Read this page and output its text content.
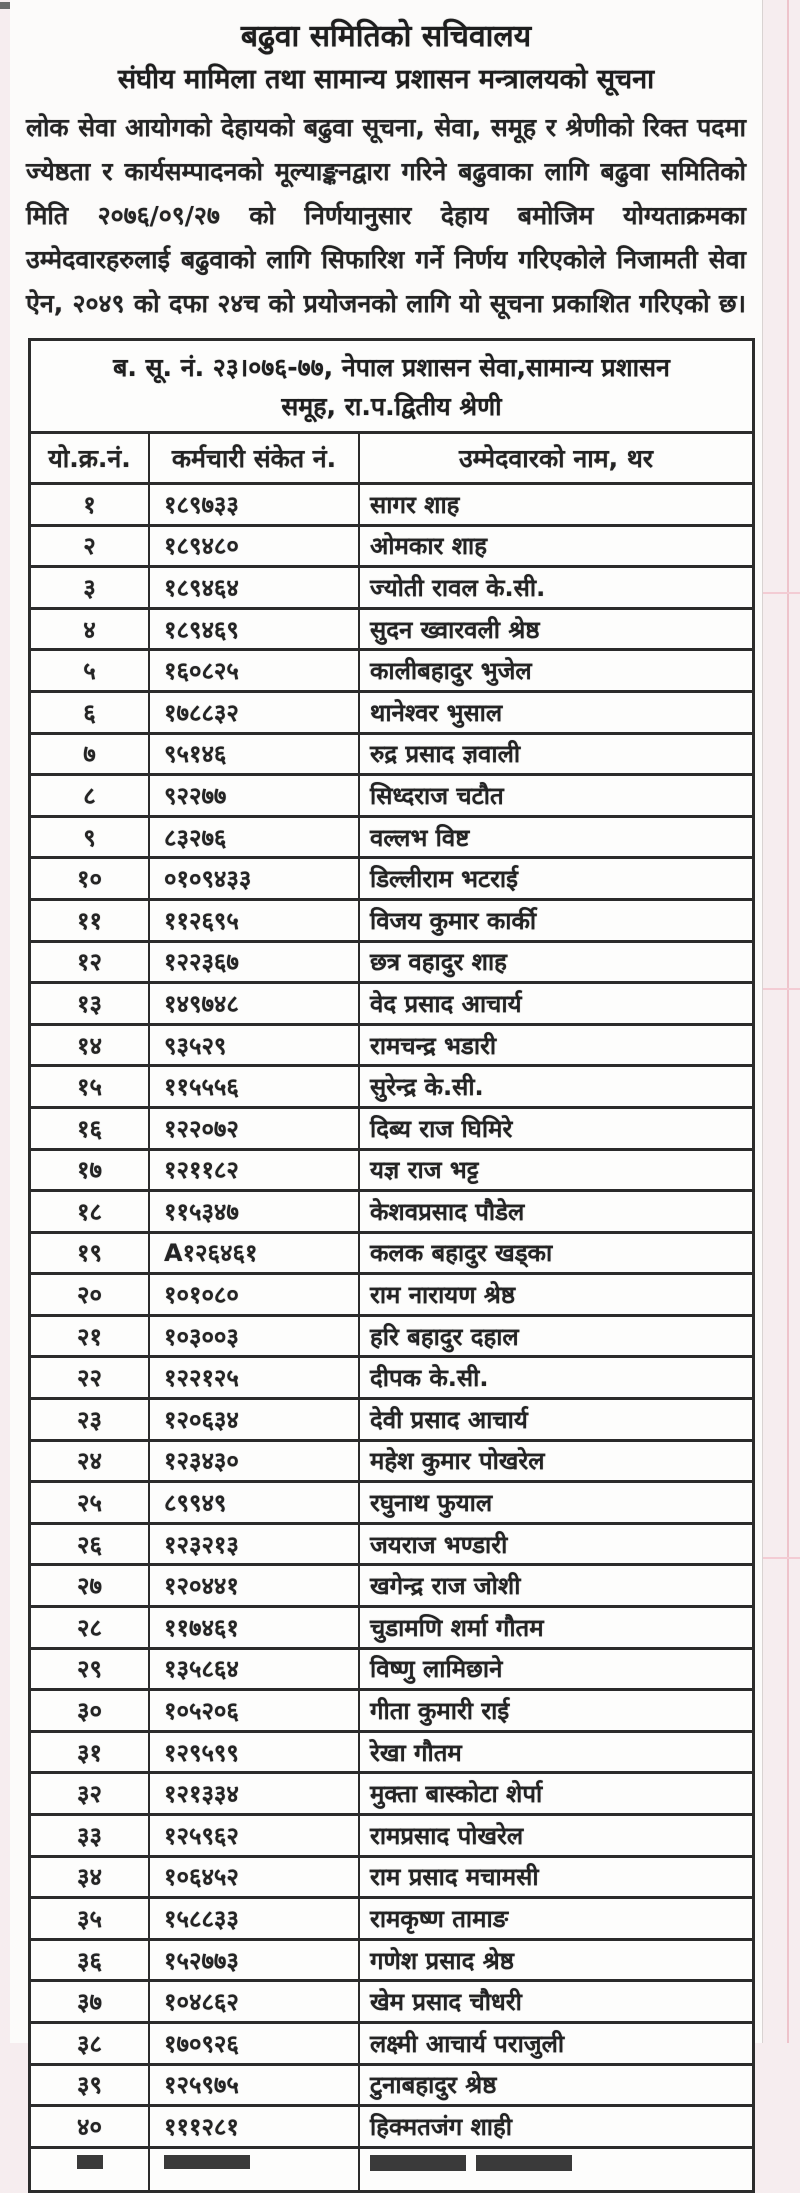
बढुवा समितिको सचिवालय
संघीय मामिला तथा सामान्य प्रशासन मन्त्रालयको सूचना

लोक सेवा आयोगको देहायको बढुवा सूचना, सेवा, समूह र श्रेणीको रिक्त पदमा ज्येष्ठता र कार्यसम्पादनको मूल्याङ्कनद्वारा गरिने बढुवाका लागि बढुवा समितिको मिति २०७६/०९/२७ को निर्णयानुसार देहाय बमोजिम योग्यताक्रमका उम्मेदवारहरुलाई बढुवाको लागि सिफारिश गर्ने निर्णय गरिएकोले निजामती सेवा ऐन, २०४९ को दफा २४च को प्रयोजनको लागि यो सूचना प्रकाशित गरिएको छ।

ब. सू. नं. २३।०७६-७७, नेपाल प्रशासन सेवा,सामान्य प्रशासन
समूह, रा.प.द्वितीय श्रेणी
यो.क्र.नं.	कर्मचारी संकेत नं.	उम्मेदवारको नाम, थर
१	१८९७३३	सागर शाह
२	१८९४८०	ओमकार शाह
३	१८९४६४	ज्योती रावल के.सी.
४	१८९४६९	सुदन ख्वारवली श्रेष्ठ
५	१६०८२५	कालीबहादुर भुजेल
६	१७८८३२	थानेश्वर भुसाल
७	९५१४६	रुद्र प्रसाद ज्ञवाली
८	९२२७७	सिध्दराज चटौत
९	८३२७६	वल्लभ विष्ट
१०	०१०९४३३	डिल्लीराम भटराई
११	११२६९५	विजय कुमार कार्की
१२	१२२३६७	छत्र वहादुर शाह
१३	१४९७४८	वेद प्रसाद आचार्य
१४	९३५२९	रामचन्द्र भडारी
१५	११५५५६	सुरेन्द्र के.सी.
१६	१२२०७२	दिब्य राज घिमिरे
१७	१२११८२	यज्ञ राज भट्ट
१८	११५३४७	केशवप्रसाद पौडेल
१९	A१२६४६१	कलक बहादुर खड्का
२०	१०१०८०	राम नारायण श्रेष्ठ
२१	१०३००३	हरि बहादुर दहाल
२२	१२२१२५	दीपक के.सी.
२३	१२०६३४	देवी प्रसाद आचार्य
२४	१२३४३०	महेश कुमार पोखरेल
२५	८९९४९	रघुनाथ फुयाल
२६	१२३२१३	जयराज भण्डारी
२७	१२०४४१	खगेन्द्र राज जोशी
२८	११७४६१	चुडामणि शर्मा गौतम
२९	१३५८६४	विष्णु लामिछाने
३०	१०५२०६	गीता कुमारी राई
३१	१२९५९९	रेखा गौतम
३२	१२१३३४	मुक्ता बास्कोटा शेर्पा
३३	१२५९६२	रामप्रसाद पोखरेल
३४	१०६४५२	राम प्रसाद मचामसी
३५	१५८८३३	रामकृष्ण तामाङ
३६	१५२७७३	गणेश प्रसाद श्रेष्ठ
३७	१०४८६२	खेम प्रसाद चौधरी
३८	१७०९२६	लक्ष्मी आचार्य पराजुली
३९	१२५९७५	टुनाबहादुर श्रेष्ठ
४०	१११२८१	हिक्मतजंग शाही
